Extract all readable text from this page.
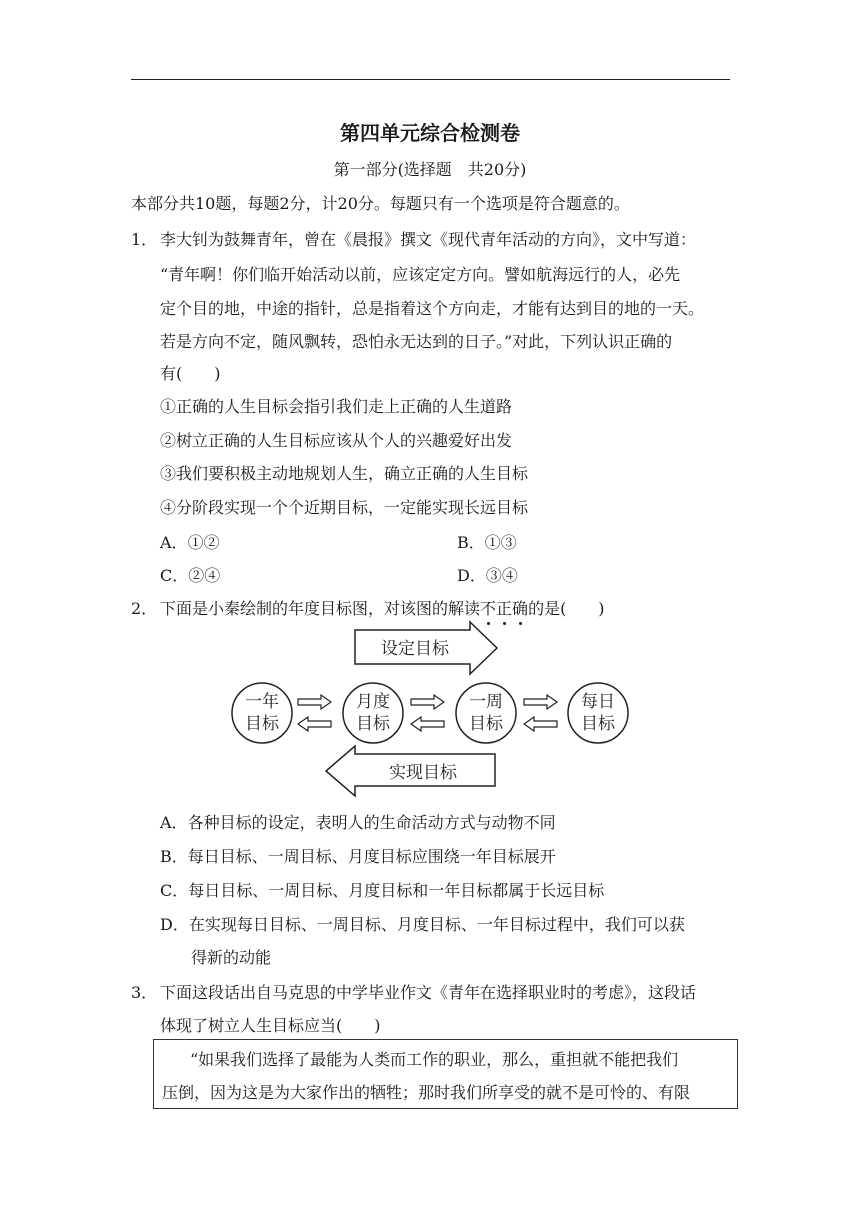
第四单元综合检测卷
第一部分(选择题　共20分)
本部分共10题，每题2分，计20分。每题只有一个选项是符合题意的。
1． 李大钊为鼓舞青年，曾在《晨报》撰文《现代青年活动的方向》，文中写道：
“青年啊！你们临开始活动以前，应该定定方向。譬如航海远行的人，必先
定个目的地，中途的指针，总是指着这个方向走，才能有达到目的地的一天。
若是方向不定，随风飘转，恐怕永无达到的日子。”对此，下列认识正确的
有(　　)
①正确的人生目标会指引我们走上正确的人生道路
②树立正确的人生目标应该从个人的兴趣爱好出发
③我们要积极主动地规划人生，确立正确的人生目标
④分阶段实现一个个近期目标，一定能实现长远目标
A．①②	B．①③
C．②④	D．③④
2． 下面是小秦绘制的年度目标图，对该图的解读不正确的是(　　)
设定目标
一年
目标
月度
目标
一周
目标
每日
目标
实现目标
A．各种目标的设定，表明人的生命活动方式与动物不同
B．每日目标、一周目标、月度目标应围绕一年目标展开
C．每日目标、一周目标、月度目标和一年目标都属于长远目标
D．在实现每日目标、一周目标、月度目标、一年目标过程中，我们可以获
得新的动能
3． 下面这段话出自马克思的中学毕业作文《青年在选择职业时的考虑》，这段话
体现了树立人生目标应当(　　)
“如果我们选择了最能为人类而工作的职业，那么，重担就不能把我们
压倒，因为这是为大家作出的牺牲；那时我们所享受的就不是可怜的、有限
